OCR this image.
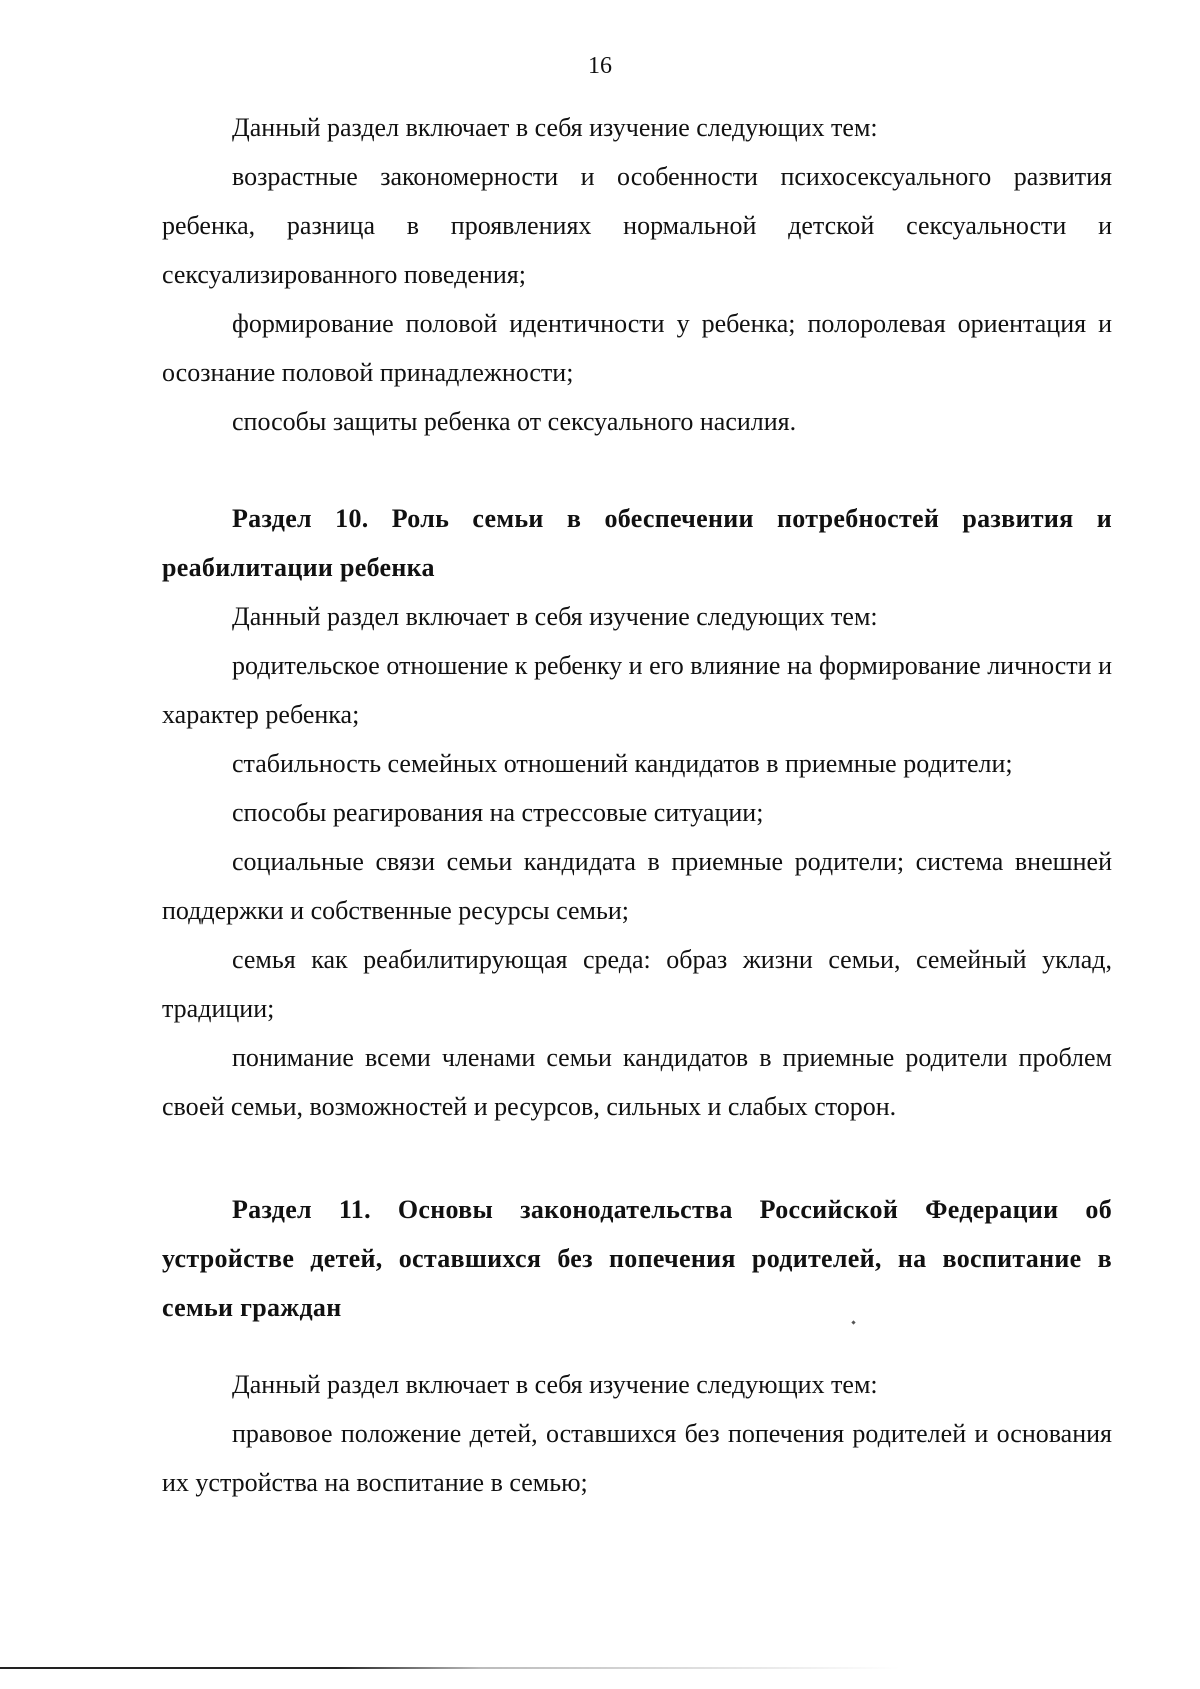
16

Данный раздел включает в себя изучение следующих тем:

возрастные закономерности и особенности психосексуального развития ребенка, разница в проявлениях нормальной детской сексуальности и сексуализированного поведения;

формирование половой идентичности у ребенка; полоролевая ориентация и осознание половой принадлежности;

способы защиты ребенка от сексуального насилия.

Раздел 10. Роль семьи в обеспечении потребностей развития и реабилитации ребенка

Данный раздел включает в себя изучение следующих тем:

родительское отношение к ребенку и его влияние на формирование личности и характер ребенка;

стабильность семейных отношений кандидатов в приемные родители;

способы реагирования на стрессовые ситуации;

социальные связи семьи кандидата в приемные родители; система внешней поддержки и собственные ресурсы семьи;

семья как реабилитирующая среда: образ жизни семьи, семейный уклад, традиции;

понимание всеми членами семьи кандидатов в приемные родители проблем своей семьи, возможностей и ресурсов, сильных и слабых сторон.

Раздел 11. Основы законодательства Российской Федерации об устройстве детей, оставшихся без попечения родителей, на воспитание в семьи граждан

Данный раздел включает в себя изучение следующих тем:

правовое положение детей, оставшихся без попечения родителей и основания их устройства на воспитание в семью;
